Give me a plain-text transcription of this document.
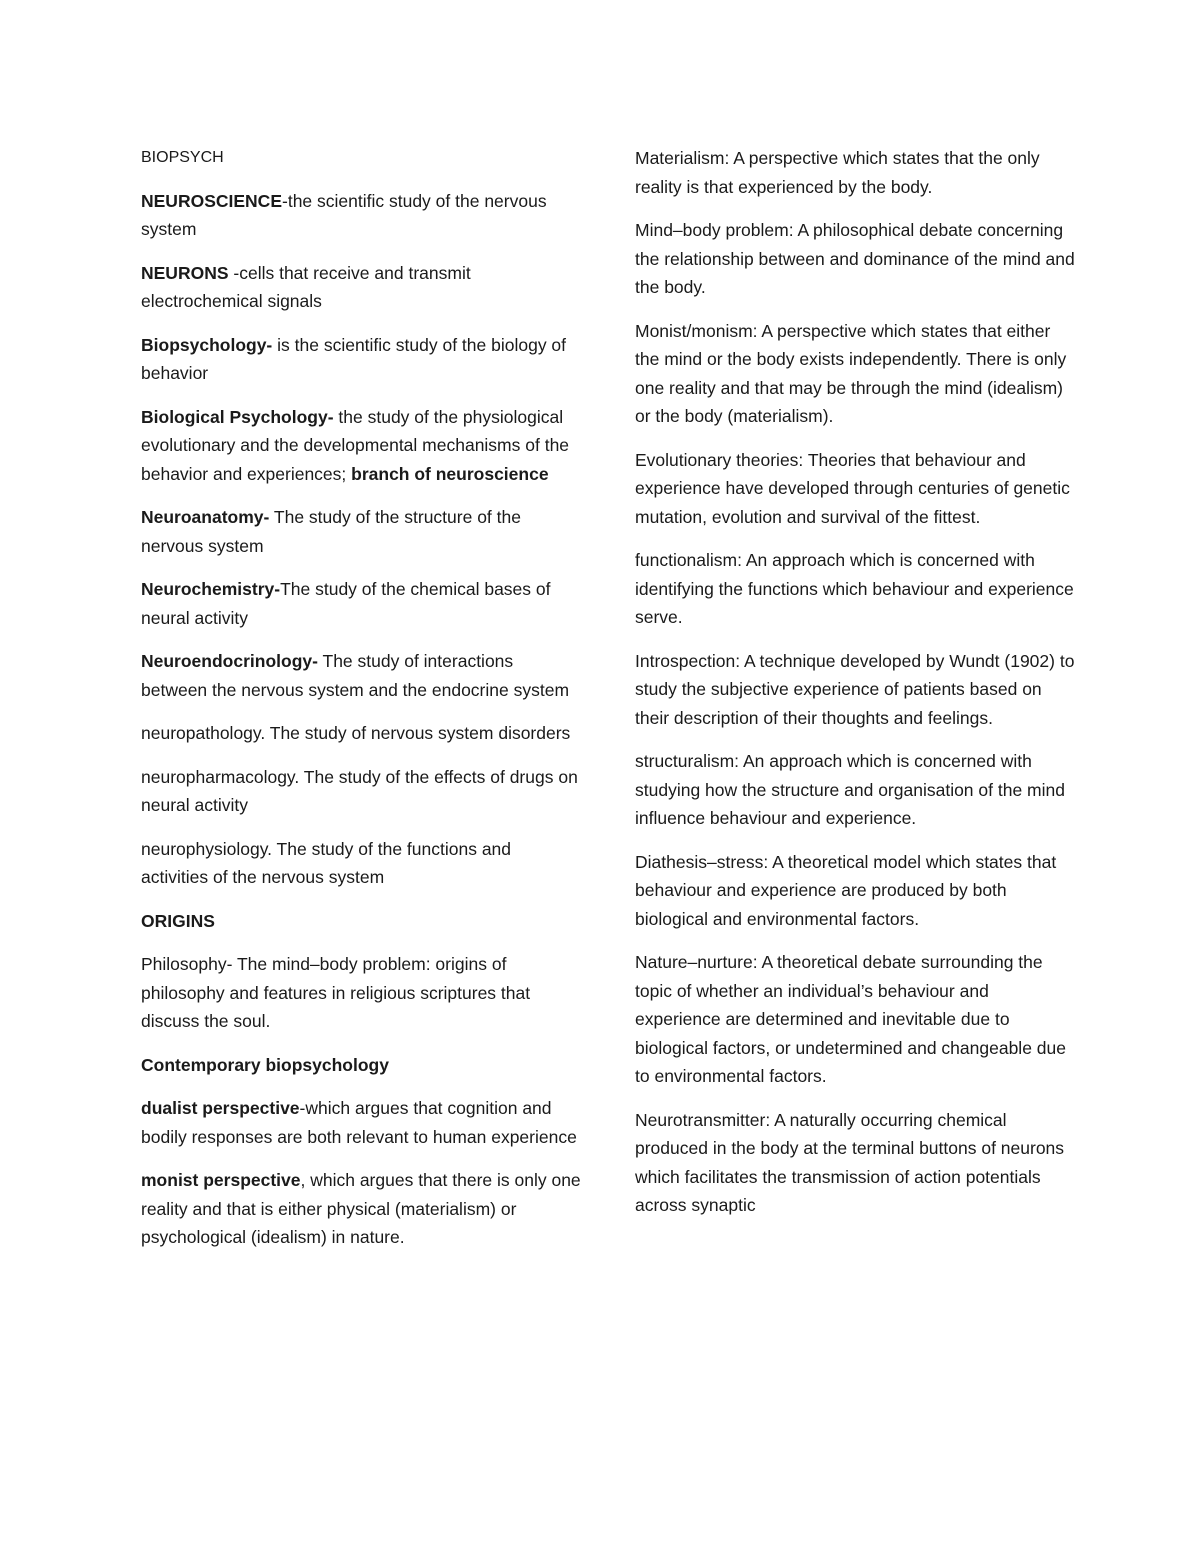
BIOPSYCH

NEUROSCIENCE-the scientific study of the nervous system

NEURONS -cells that receive and transmit electrochemical signals

Biopsychology- is the scientific study of the biology of behavior

Biological Psychology- the study of the physiological evolutionary and the developmental mechanisms of the behavior and experiences; branch of neuroscience

Neuroanatomy- The study of the structure of the nervous system

Neurochemistry-The study of the chemical bases of neural activity

Neuroendocrinology- The study of interactions between the nervous system and the endocrine system

neuropathology. The study of nervous system disorders

neuropharmacology. The study of the effects of drugs on neural activity

neurophysiology. The study of the functions and activities of the nervous system

ORIGINS

Philosophy- The mind–body problem: origins of philosophy and features in religious scriptures that discuss the soul.

Contemporary biopsychology

dualist perspective-which argues that cognition and bodily responses are both relevant to human experience

monist perspective, which argues that there is only one reality and that is either physical (materialism) or psychological (idealism) in nature.

Materialism: A perspective which states that the only reality is that experienced by the body.

Mind–body problem: A philosophical debate concerning the relationship between and dominance of the mind and the body.

Monist/monism: A perspective which states that either the mind or the body exists independently. There is only one reality and that may be through the mind (idealism) or the body (materialism).

Evolutionary theories: Theories that behaviour and experience have developed through centuries of genetic mutation, evolution and survival of the fittest.

functionalism: An approach which is concerned with identifying the functions which behaviour and experience serve.

Introspection: A technique developed by Wundt (1902) to study the subjective experience of patients based on their description of their thoughts and feelings.

structuralism: An approach which is concerned with studying how the structure and organisation of the mind influence behaviour and experience.

Diathesis–stress: A theoretical model which states that behaviour and experience are produced by both biological and environmental factors.

Nature–nurture: A theoretical debate surrounding the topic of whether an individual’s behaviour and experience are determined and inevitable due to biological factors, or undetermined and changeable due to environmental factors.

Neurotransmitter: A naturally occurring chemical produced in the body at the terminal buttons of neurons which facilitates the transmission of action potentials across synaptic
